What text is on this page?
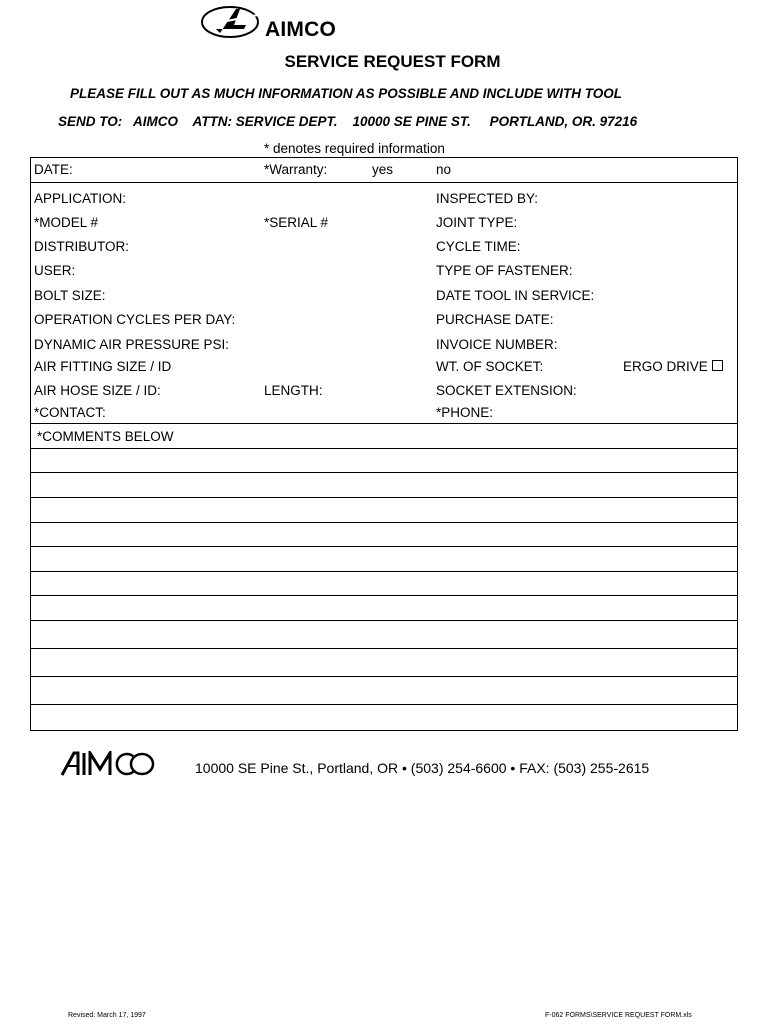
AIMCO
SERVICE REQUEST FORM
PLEASE FILL OUT AS MUCH INFORMATION AS POSSIBLE AND INCLUDE WITH TOOL
SEND TO:   AIMCO    ATTN: SERVICE DEPT.    10000 SE PINE ST.     PORTLAND, OR. 97216
* denotes required information
DATE:	*Warranty:	yes	no
APPLICATION:	INSPECTED BY:
*MODEL #	*SERIAL #	JOINT TYPE:
DISTRIBUTOR:	CYCLE TIME:
USER:	TYPE OF FASTENER:
BOLT SIZE:	DATE TOOL IN SERVICE:
OPERATION CYCLES PER DAY:	PURCHASE DATE:
DYNAMIC AIR PRESSURE PSI:	INVOICE NUMBER:
AIR FITTING SIZE / ID	WT. OF SOCKET:	ERGO DRIVE
AIR HOSE SIZE / ID:	LENGTH:	SOCKET EXTENSION:
*CONTACT:	*PHONE:
*COMMENTS BELOW
10000 SE Pine St., Portland, OR • (503) 254-6600 • FAX: (503) 255-2615
Revised: March 17, 1997	F-062 FORMS\SERVICE REQUEST FORM.xls
